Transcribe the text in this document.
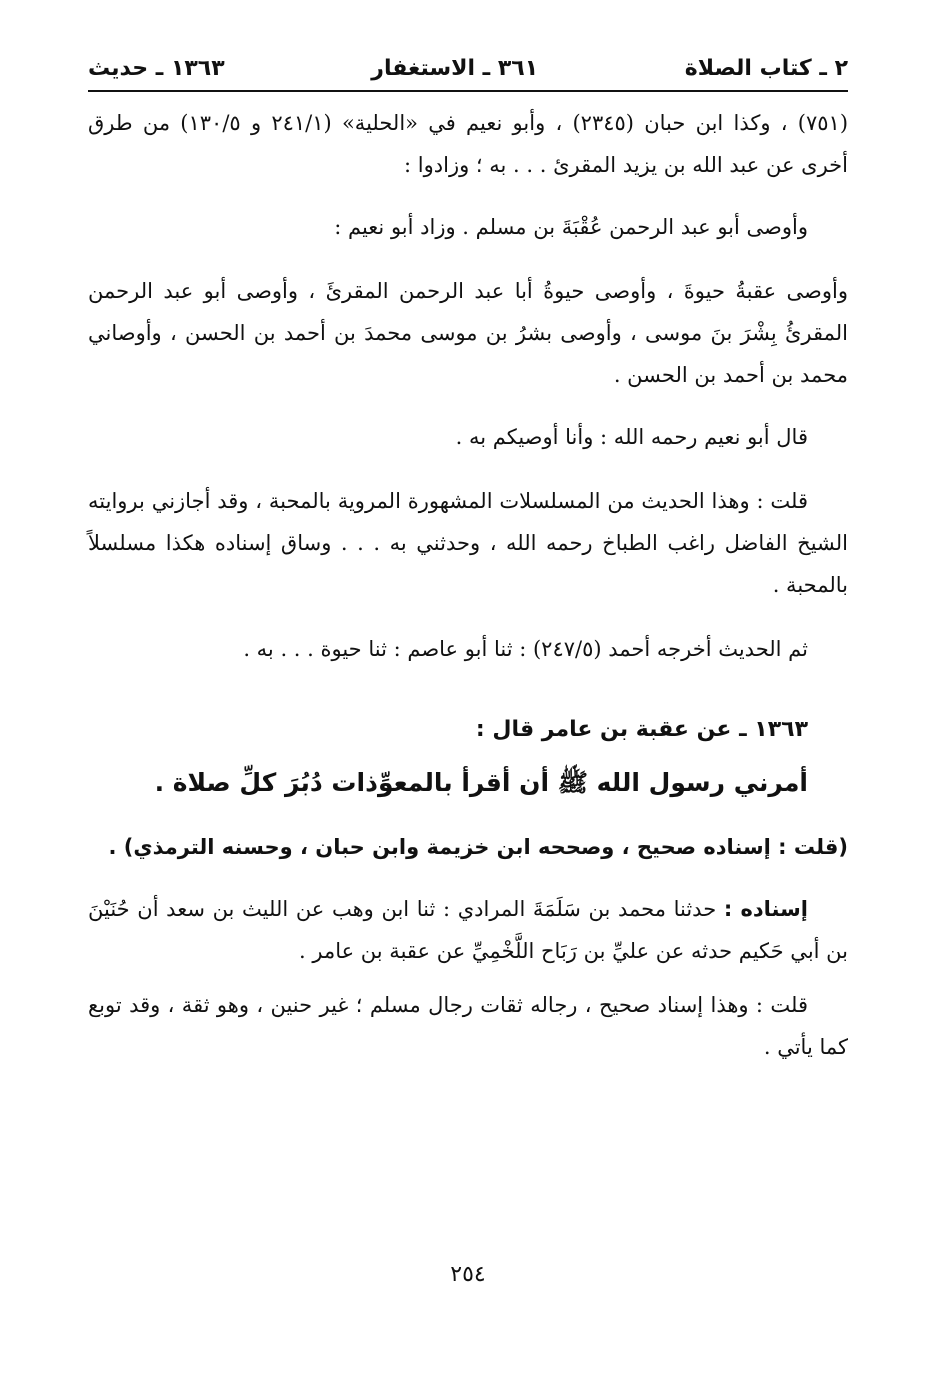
٢ ـ كتاب الصلاة
٣٦١ ـ الاستغفار
١٣٦٣ ـ حديث

(٧٥١) ، وكذا ابن حبان (٢٣٤٥) ، وأبو نعيم في «الحلية» (٢٤١/١ و ١٣٠/٥) من طرق أخرى عن عبد الله بن يزيد المقرئ . . . به ؛ وزادوا :

وأوصى أبو عبد الرحمن عُقْبَةَ بن مسلم . وزاد أبو نعيم :

وأوصى عقبةُ حيوةَ ، وأوصى حيوةُ أبا عبد الرحمن المقرئَ ، وأوصى أبو عبد الرحمن المقرئُ بِشْرَ بنَ موسى ، وأوصى بشرُ بن موسى محمدَ بن أحمد بن الحسن ، وأوصاني محمد بن أحمد بن الحسن .

قال أبو نعيم رحمه الله : وأنا أوصيكم به .

قلت : وهذا الحديث من المسلسلات المشهورة المروية بالمحبة ، وقد أجازني بروايته الشيخ الفاضل راغب الطباخ رحمه الله ، وحدثني به . . . وساق إسناده هكذا مسلسلاً بالمحبة .

ثم الحديث أخرجه أحمد (٢٤٧/٥) : ثنا أبو عاصم : ثنا حيوة . . . به .

١٣٦٣ ـ عن عقبة بن عامر قال :
أمرني رسول الله ﷺ أن أقرأ بالمعوِّذات دُبُرَ كلِّ صلاة .
(قلت : إسناده صحيح ، وصححه ابن خزيمة وابن حبان ، وحسنه الترمذي) .

إسناده : حدثنا محمد بن سَلَمَةَ المرادي : ثنا ابن وهب عن الليث بن سعد أن حُنَيْنَ بن أبي حَكيم حدثه عن عليِّ بن رَبَاح اللَّخْمِيِّ عن عقبة بن عامر .

قلت : وهذا إسناد صحيح ، رجاله ثقات رجال مسلم ؛ غير حنين ، وهو ثقة ، وقد توبع كما يأتي .

٢٥٤
